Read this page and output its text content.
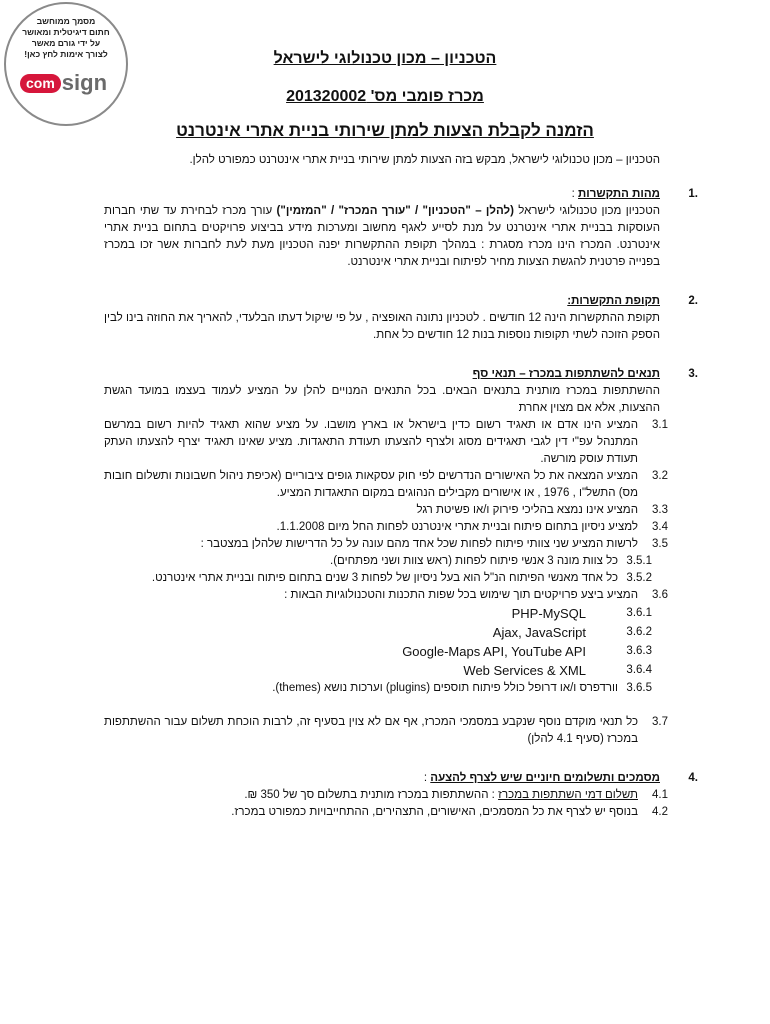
מסמך ממוחשב
חתום דיגיטלית ומאושר
על ידי גורם מאשר
לצורך אימות לחץ כאן!
com sign
הטכניון – מכון טכנולוגי לישראל
מכרז פומבי מס' 201320002
הזמנה לקבלת הצעות למתן שירותי בניית אתרי אינטרנט

הטכניון – מכון טכנולוגי לישראל, מבקש בזה הצעות למתן שירותי בניית אתרי אינטרנט כמפורט להלן.

.1
מהות התקשרות :

הטכניון מכון טכנולוגי לישראל (להלן – "הטכניון" / "עורך המכרז" / "המזמין") עורך מכרז לבחירת עד שתי חברות העוסקות בבניית אתרי אינטרנט על מנת לסייע לאגף מחשוב ומערכות מידע בביצוע פרויקטים בתחום בניית אתרי אינטרנט. המכרז הינו מכרז מסגרת : במהלך תקופת ההתקשרות יפנה הטכניון מעת לעת לחברות אשר זכו במכרז בפנייה פרטנית להגשת הצעות מחיר לפיתוח ובניית אתרי אינטרנט.

.2
תקופת התקשרות:

תקופת ההתקשרות הינה 12 חודשים . לטכניון נתונה האופציה , על פי שיקול דעתו הבלעדי, להאריך את החוזה בינו לבין הספק הזוכה לשתי תקופות נוספות בנות 12 חודשים כל אחת.

.3
תנאים להשתתפות במכרז – תנאי סף

ההשתתפות במכרז מותנית בתנאים הבאים. בכל התנאים המנויים להלן על המציע לעמוד בעצמו במועד הגשת ההצעות, אלא אם מצוין אחרת

3.1
המציע הינו אדם או תאגיד רשום כדין בישראל או בארץ מושבו. על מציע שהוא תאגיד להיות רשום במרשם המתנהל עפ"י דין לגבי תאגידים מסוג ולצרף להצעתו תעודת התאגדות. מציע שאינו תאגיד יצרף להצעתו העתק תעודת עוסק מורשה.
3.2
המציע המצאה את כל האישורים הנדרשים לפי חוק עסקאות גופים ציבוריים (אכיפת ניהול חשבונות ותשלום חובות מס) התשל"ו , 1976 , או אישורים מקבילים הנהוגים במקום התאגדות המציע.
3.3
המציע אינו נמצא בהליכי פירוק ו/או פשיטת רגל
3.4
למציע ניסיון בתחום פיתוח ובניית אתרי אינטרנט לפחות החל מיום 1.1.2008.
3.5
לרשות המציע שני צוותי פיתוח לפחות שכל אחד מהם עונה על כל הדרישות שלהלן במצטבר :
3.5.1
כל צוות מונה 3 אנשי פיתוח לפחות (ראש צוות ושני מפתחים).
3.5.2
כל אחד מאנשי הפיתוח הנ"ל הוא בעל ניסיון של לפחות 3 שנים בתחום פיתוח ובניית אתרי אינטרנט.
3.6
המציע ביצע פרויקטים תוך שימוש בכל שפות התכנות והטכנולוגיות הבאות :
3.6.1
PHP-MySQL
3.6.2
Ajax, JavaScript
3.6.3
Google-Maps API, YouTube API
3.6.4
Web Services & XML
3.6.5
וורדפרס ו/או דרופל כולל פיתוח תוספים (plugins) וערכות נושא (themes).
3.7
כל תנאי מוקדם נוסף שנקבע במסמכי המכרז, אף אם לא צוין בסעיף זה, לרבות הוכחת תשלום עבור ההשתתפות במכרז (סעיף 4.1 להלן)
.4
מסמכים ותשלומים חיוניים שיש לצרף להצעה :
4.1
תשלום דמי השתתפות במכרז : ההשתתפות במכרז מותנית בתשלום סך של 350 ₪.
4.2
בנוסף יש לצרף את כל המסמכים, האישורים, התצהירים, ההתחייבויות כמפורט במכרז.
